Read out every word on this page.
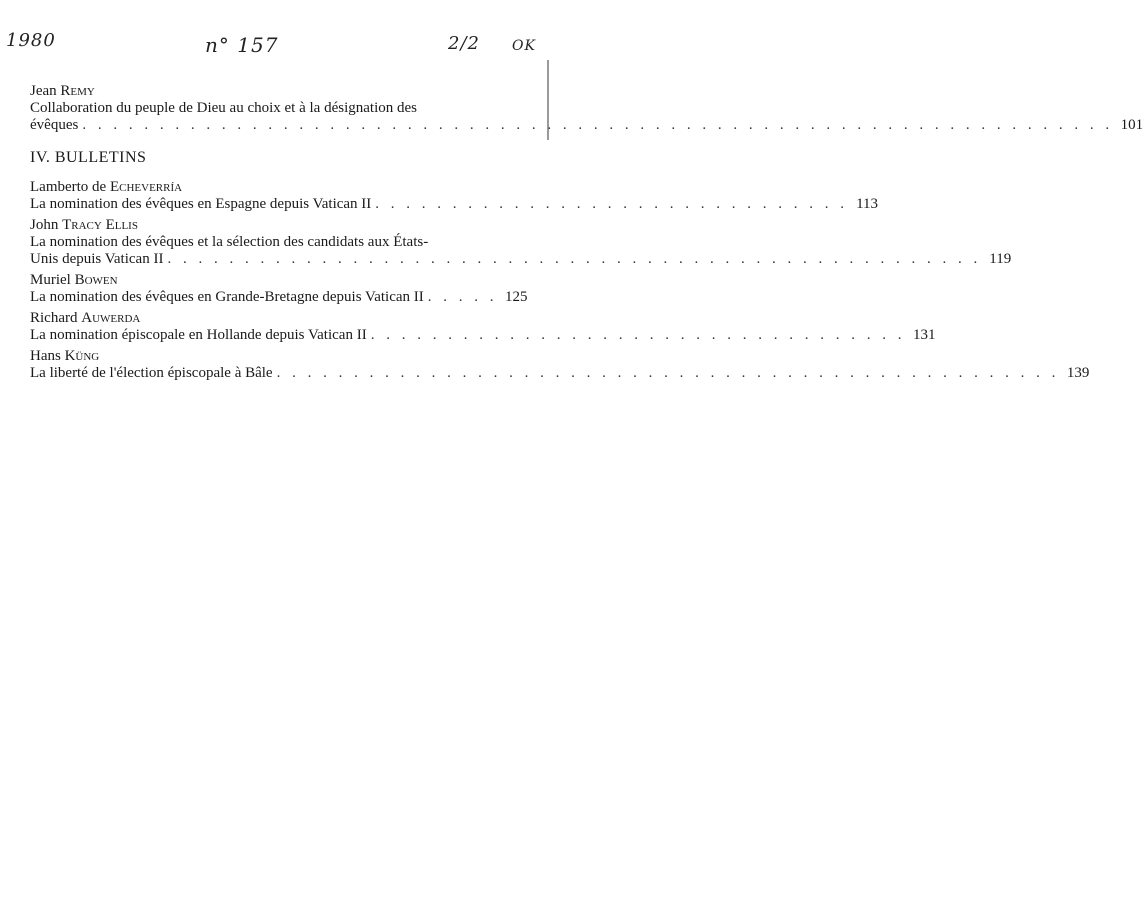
1980	n° 157	2/2 OK
Jean Remy
Collaboration du peuple de Dieu au choix et à la désignation des
évêques . . . . . . . . . . . . . . . . . . . . . . . . . . . . . . . . . . . . . . . . . . . . . . . . . . . . . . . . . . . . . . . . . . . 101
IV. BULLETINS
Lamberto de Echeverría
La nomination des évêques en Espagne depuis Vatican II . . . . . . . . . . . . . . . . . . . . . . . . . . . . . . . 113
John Tracy Ellis
La nomination des évêques et la sélection des candidats aux États-
Unis depuis Vatican II . . . . . . . . . . . . . . . . . . . . . . . . . . . . . . . . . . . . . . . . . . . . . . . . . . . . . 119
Muriel Bowen
La nomination des évêques en Grande-Bretagne depuis Vatican II . . . . . 125
Richard Auwerda
La nomination épiscopale en Hollande depuis Vatican II . . . . . . . . . . . . . . . . . . . . . . . . . . . . . . . . . . . 131
Hans Küng
La liberté de l'élection épiscopale à Bâle . . . . . . . . . . . . . . . . . . . . . . . . . . . . . . . . . . . . . . . . . . . . . . . . . . . 139
